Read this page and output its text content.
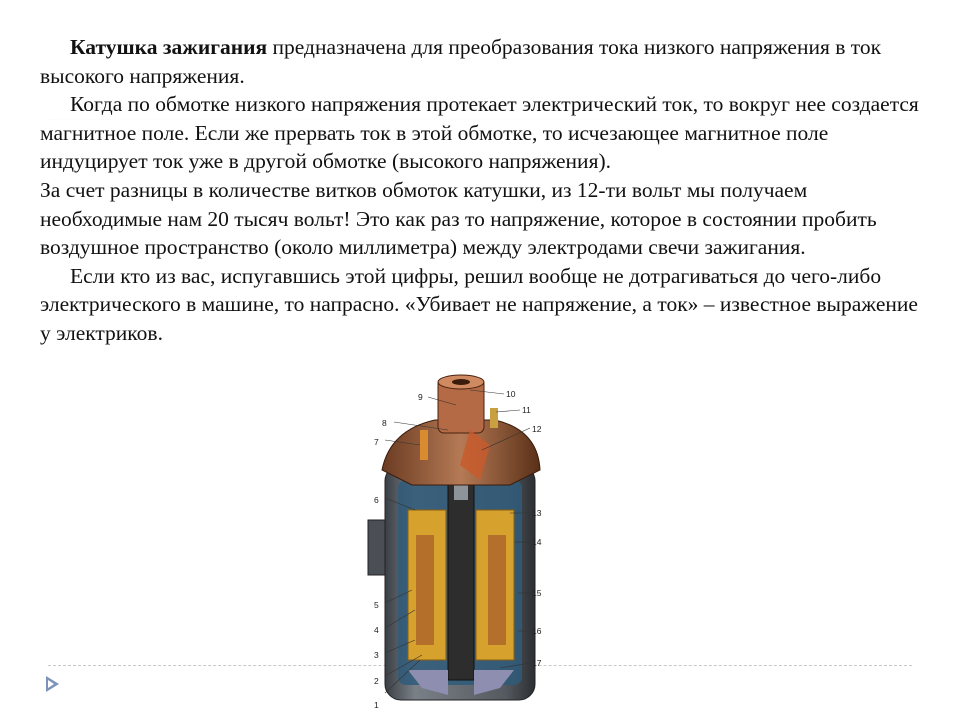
Катушка зажигания предназначена для преобразования тока низкого напряжения в ток высокого напряжения.

Когда по обмотке низкого напряжения протекает электрический ток, то вокруг нее создается магнитное поле. Если же прервать ток в этой обмотке, то исчезающее магнитное поле индуцирует ток уже в другой обмотке (высокого напряжения).

За счет разницы в количестве витков обмоток катушки, из 12-ти вольт мы получаем необходимые нам 20 тысяч вольт! Это как раз то напряжение, которое в состоянии пробить воздушное пространство (около миллиметра) между электродами свечи зажигания.

Если кто из вас, испугавшись этой цифры, решил вообще не дотрагиваться до чего-либо электрического в машине, то напрасно. «Убивает не напряжение, а ток» – известное выражение у электриков.

1
2
3
4
5
6
7
8
9	10
11
12
13
14
15
16
17
